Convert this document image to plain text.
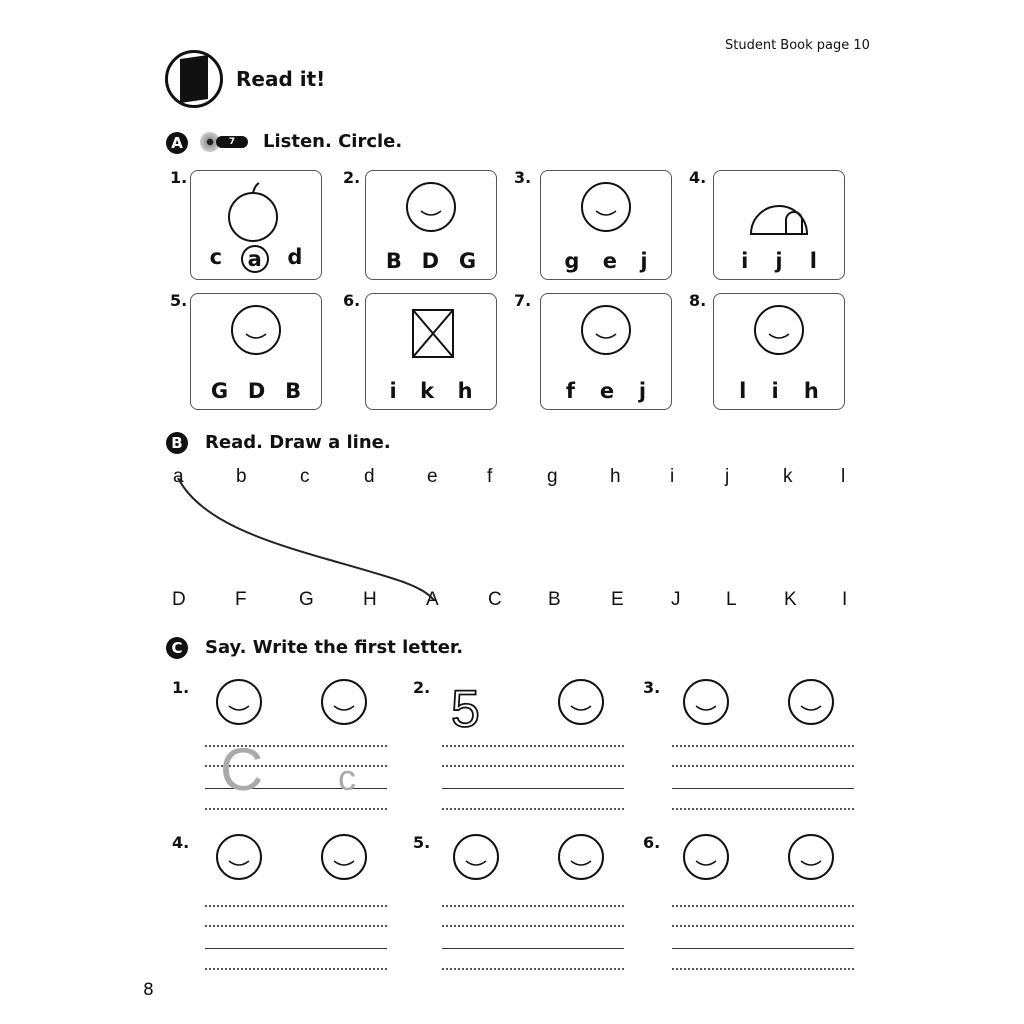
Student Book page 10
Read it!
A	7	Listen. Circle.
1.
c	a	d
2.
B D G
3.
g e j
4.
i j l
5.
G D B
6.
i k h
7.
f e j
8.
l i h
B Read. Draw a line.
a	b	c	d	e	f	g	h	i	j	k	l
D	F	G	H	A	C B	E J L K I
C	Say. Write the first letter.
1.
C c
2. 5	3.
4.	5.	6.
8
